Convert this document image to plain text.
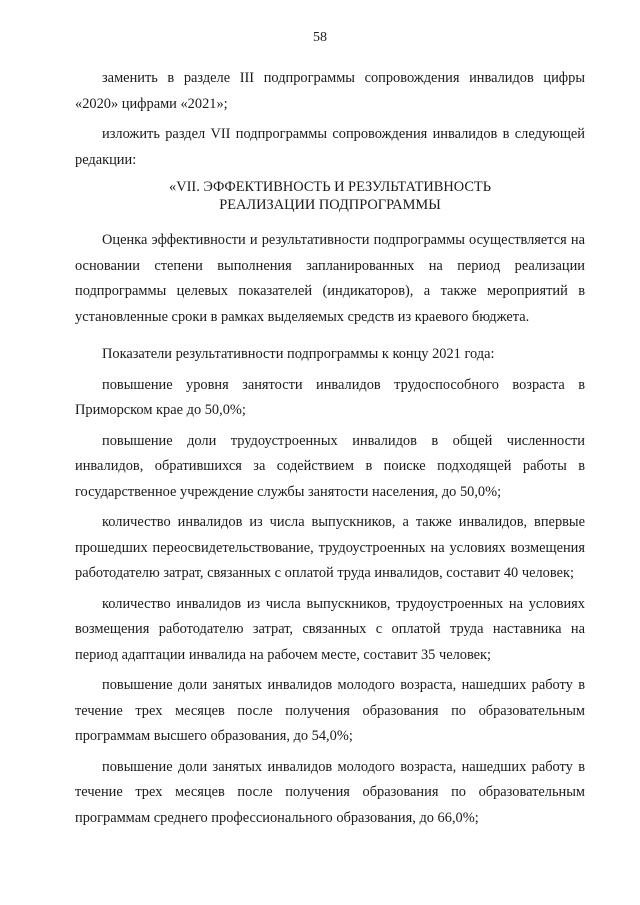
58

заменить в разделе III подпрограммы сопровождения инвалидов цифры «2020» цифрами «2021»;

изложить раздел VII подпрограммы сопровождения инвалидов в следующей редакции:

«VII. ЭФФЕКТИВНОСТЬ И РЕЗУЛЬТАТИВНОСТЬ
РЕАЛИЗАЦИИ ПОДПРОГРАММЫ

Оценка эффективности и результативности подпрограммы осуществляется на основании степени выполнения запланированных на период реализации подпрограммы целевых показателей (индикаторов), а также мероприятий в установленные сроки в рамках выделяемых средств из краевого бюджета.

Показатели результативности подпрограммы к концу 2021 года:

повышение уровня занятости инвалидов трудоспособного возраста в Приморском крае до 50,0%;

повышение доли трудоустроенных инвалидов в общей численности инвалидов, обратившихся за содействием в поиске подходящей работы в государственное учреждение службы занятости населения, до 50,0%;

количество инвалидов из числа выпускников, а также инвалидов, впервые прошедших переосвидетельствование, трудоустроенных на условиях возмещения работодателю затрат, связанных с оплатой труда инвалидов, составит 40 человек;

количество инвалидов из числа выпускников, трудоустроенных на условиях возмещения работодателю затрат, связанных с оплатой труда наставника на период адаптации инвалида на рабочем месте, составит 35 человек;

повышение доли занятых инвалидов молодого возраста, нашедших работу в течение трех месяцев после получения образования по образовательным программам высшего образования, до 54,0%;

повышение доли занятых инвалидов молодого возраста, нашедших работу в течение трех месяцев после получения образования по образовательным программам среднего профессионального образования, до 66,0%;
